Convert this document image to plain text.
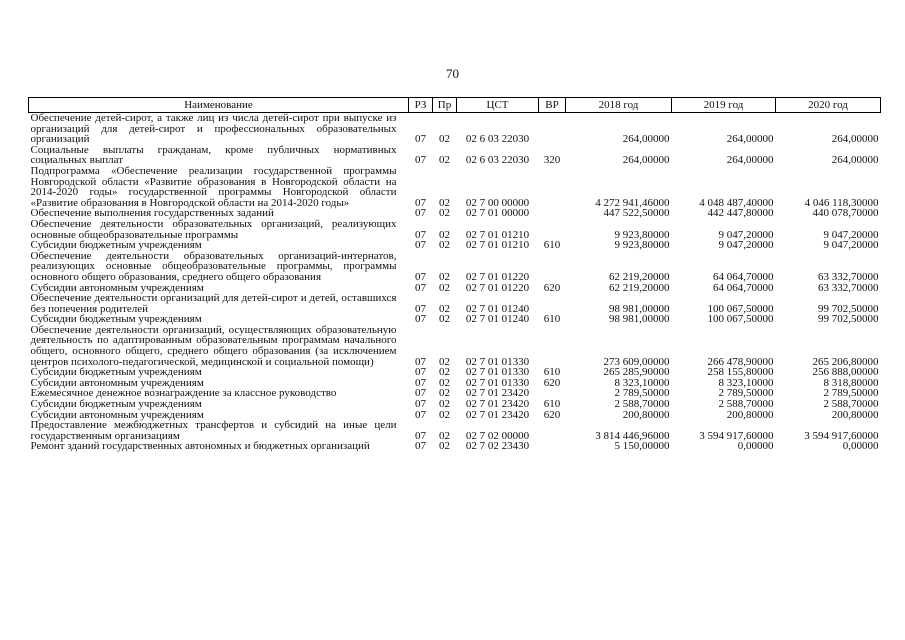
70
Наименование	РЗ	Пр	ЦСТ	ВР	2018 год	2019 год	2020 год
Обеспечение детей-сирот, а также лиц из числа детей-сирот при выпуске из организаций для детей-сирот и профессиональных образовательных организаций	07	02	02 6 03 22030		264,00000	264,00000	264,00000
Социальные выплаты гражданам, кроме публичных нормативных социальных выплат	07	02	02 6 03 22030	320	264,00000	264,00000	264,00000
Подпрограмма «Обеспечение реализации государственной программы Новгородской области «Развитие образования в Новгородской области на 2014-2020 годы» государственной программы Новгородской области «Развитие образования в Новгородской области на 2014-2020 годы»	07	02	02 7 00 00000		4 272 941,46000	4 048 487,40000	4 046 118,30000
Обеспечение выполнения государственных заданий	07	02	02 7 01 00000		447 522,50000	442 447,80000	440 078,70000
Обеспечение деятельности образовательных организаций, реализующих основные общеобразовательные программы	07	02	02 7 01 01210		9 923,80000	9 047,20000	9 047,20000
Субсидии бюджетным учреждениям	07	02	02 7 01 01210	610	9 923,80000	9 047,20000	9 047,20000
Обеспечение деятельности образовательных организаций-интернатов, реализующих основные общеобразовательные программы, программы основного общего образования, среднего общего образования	07	02	02 7 01 01220		62 219,20000	64 064,70000	63 332,70000
Субсидии автономным учреждениям	07	02	02 7 01 01220	620	62 219,20000	64 064,70000	63 332,70000
Обеспечение деятельности организаций для детей-сирот и детей, оставшихся без попечения родителей	07	02	02 7 01 01240		98 981,00000	100 067,50000	99 702,50000
Субсидии бюджетным учреждениям	07	02	02 7 01 01240	610	98 981,00000	100 067,50000	99 702,50000
Обеспечение деятельности организаций, осуществляющих образовательную деятельность по адаптированным образовательным программам начального общего, основного общего, среднего общего образования (за исключением центров психолого-педагогической, медицинской и социальной помощи)	07	02	02 7 01 01330		273 609,00000	266 478,90000	265 206,80000
Субсидии бюджетным учреждениям	07	02	02 7 01 01330	610	265 285,90000	258 155,80000	256 888,00000
Субсидии автономным учреждениям	07	02	02 7 01 01330	620	8 323,10000	8 323,10000	8 318,80000
Ежемесячное денежное вознаграждение за классное руководство	07	02	02 7 01 23420		2 789,50000	2 789,50000	2 789,50000
Субсидии бюджетным учреждениям	07	02	02 7 01 23420	610	2 588,70000	2 588,70000	2 588,70000
Субсидии автономным учреждениям	07	02	02 7 01 23420	620	200,80000	200,80000	200,80000
Предоставление межбюджетных трансфертов и субсидий на иные цели государственным организациям	07	02	02 7 02 00000		3 814 446,96000	3 594 917,60000	3 594 917,60000
Ремонт зданий государственных автономных и бюджетных организаций	07	02	02 7 02 23430		5 150,00000	0,00000	0,00000
